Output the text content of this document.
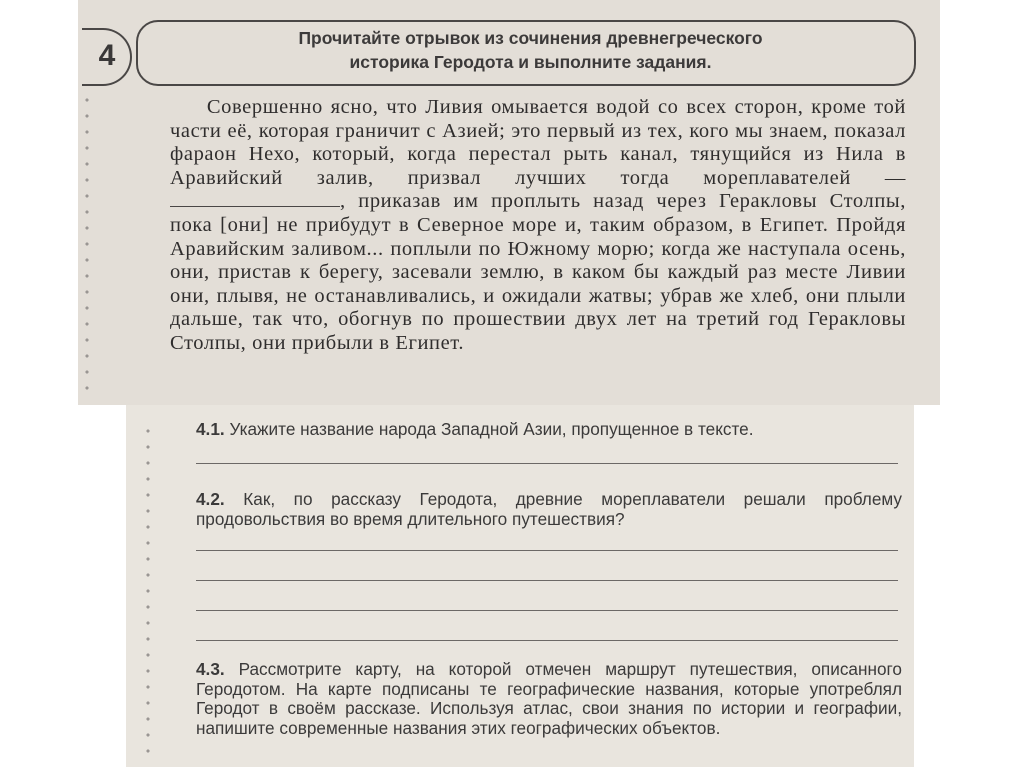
4
Прочитайте отрывок из сочинения древнегреческого
историка Геродота и выполните задания.

Совершенно ясно, что Ливия омывается водой со всех сторон, кроме той части её, которая граничит с Азией; это первый из тех, кого мы знаем, показал фараон Нехо, который, когда перестал рыть канал, тянущийся из Нила в Аравийский залив, призвал лучших тогда мореплавателей — , приказав им проплыть назад через Геракловы Столпы, пока [они] не прибудут в Северное море и, таким образом, в Египет. Пройдя Аравийским заливом... поплыли по Южному морю; когда же наступала осень, они, пристав к берегу, засевали землю, в каком бы каждый раз месте Ливии они, плывя, не останавливались, и ожидали жатвы; убрав же хлеб, они плыли дальше, так что, обогнув по прошествии двух лет на третий год Геракловы Столпы, они прибыли в Египет.

4.1. Укажите название народа Западной Азии, пропущенное в тексте.

4.2. Как, по рассказу Геродота, древние мореплаватели решали проблему продовольствия во время длительного путешествия?

4.3. Рассмотрите карту, на которой отмечен маршрут путешествия, описанного Геродотом. На карте подписаны те географические названия, которые употреблял Геродот в своём рассказе. Используя атлас, свои знания по истории и географии, напишите современные названия этих географических объектов.
